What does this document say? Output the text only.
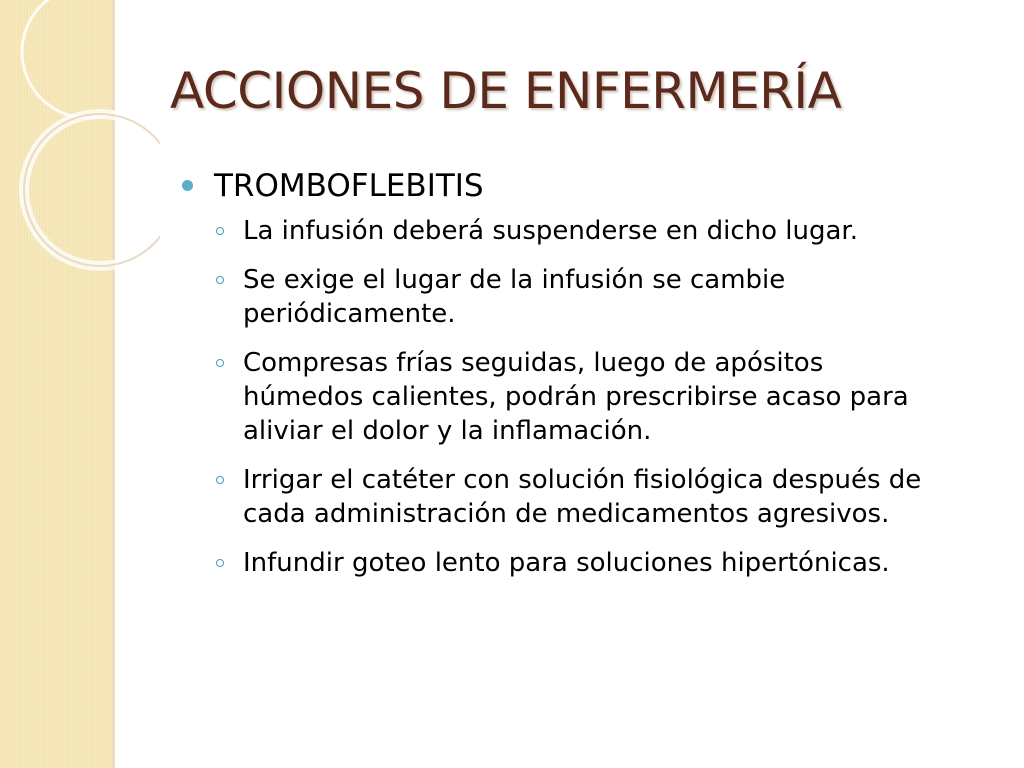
ACCIONES DE ENFERMERÍA
TROMBOFLEBITIS
La infusión deberá suspenderse en dicho lugar.
Se exige el lugar de la infusión se cambie periódicamente.
Compresas frías seguidas, luego de apósitos húmedos calientes, podrán prescribirse acaso para aliviar el dolor y la inflamación.
Irrigar el catéter con solución fisiológica después de cada administración de medicamentos agresivos.
Infundir goteo lento para soluciones hipertónicas.
